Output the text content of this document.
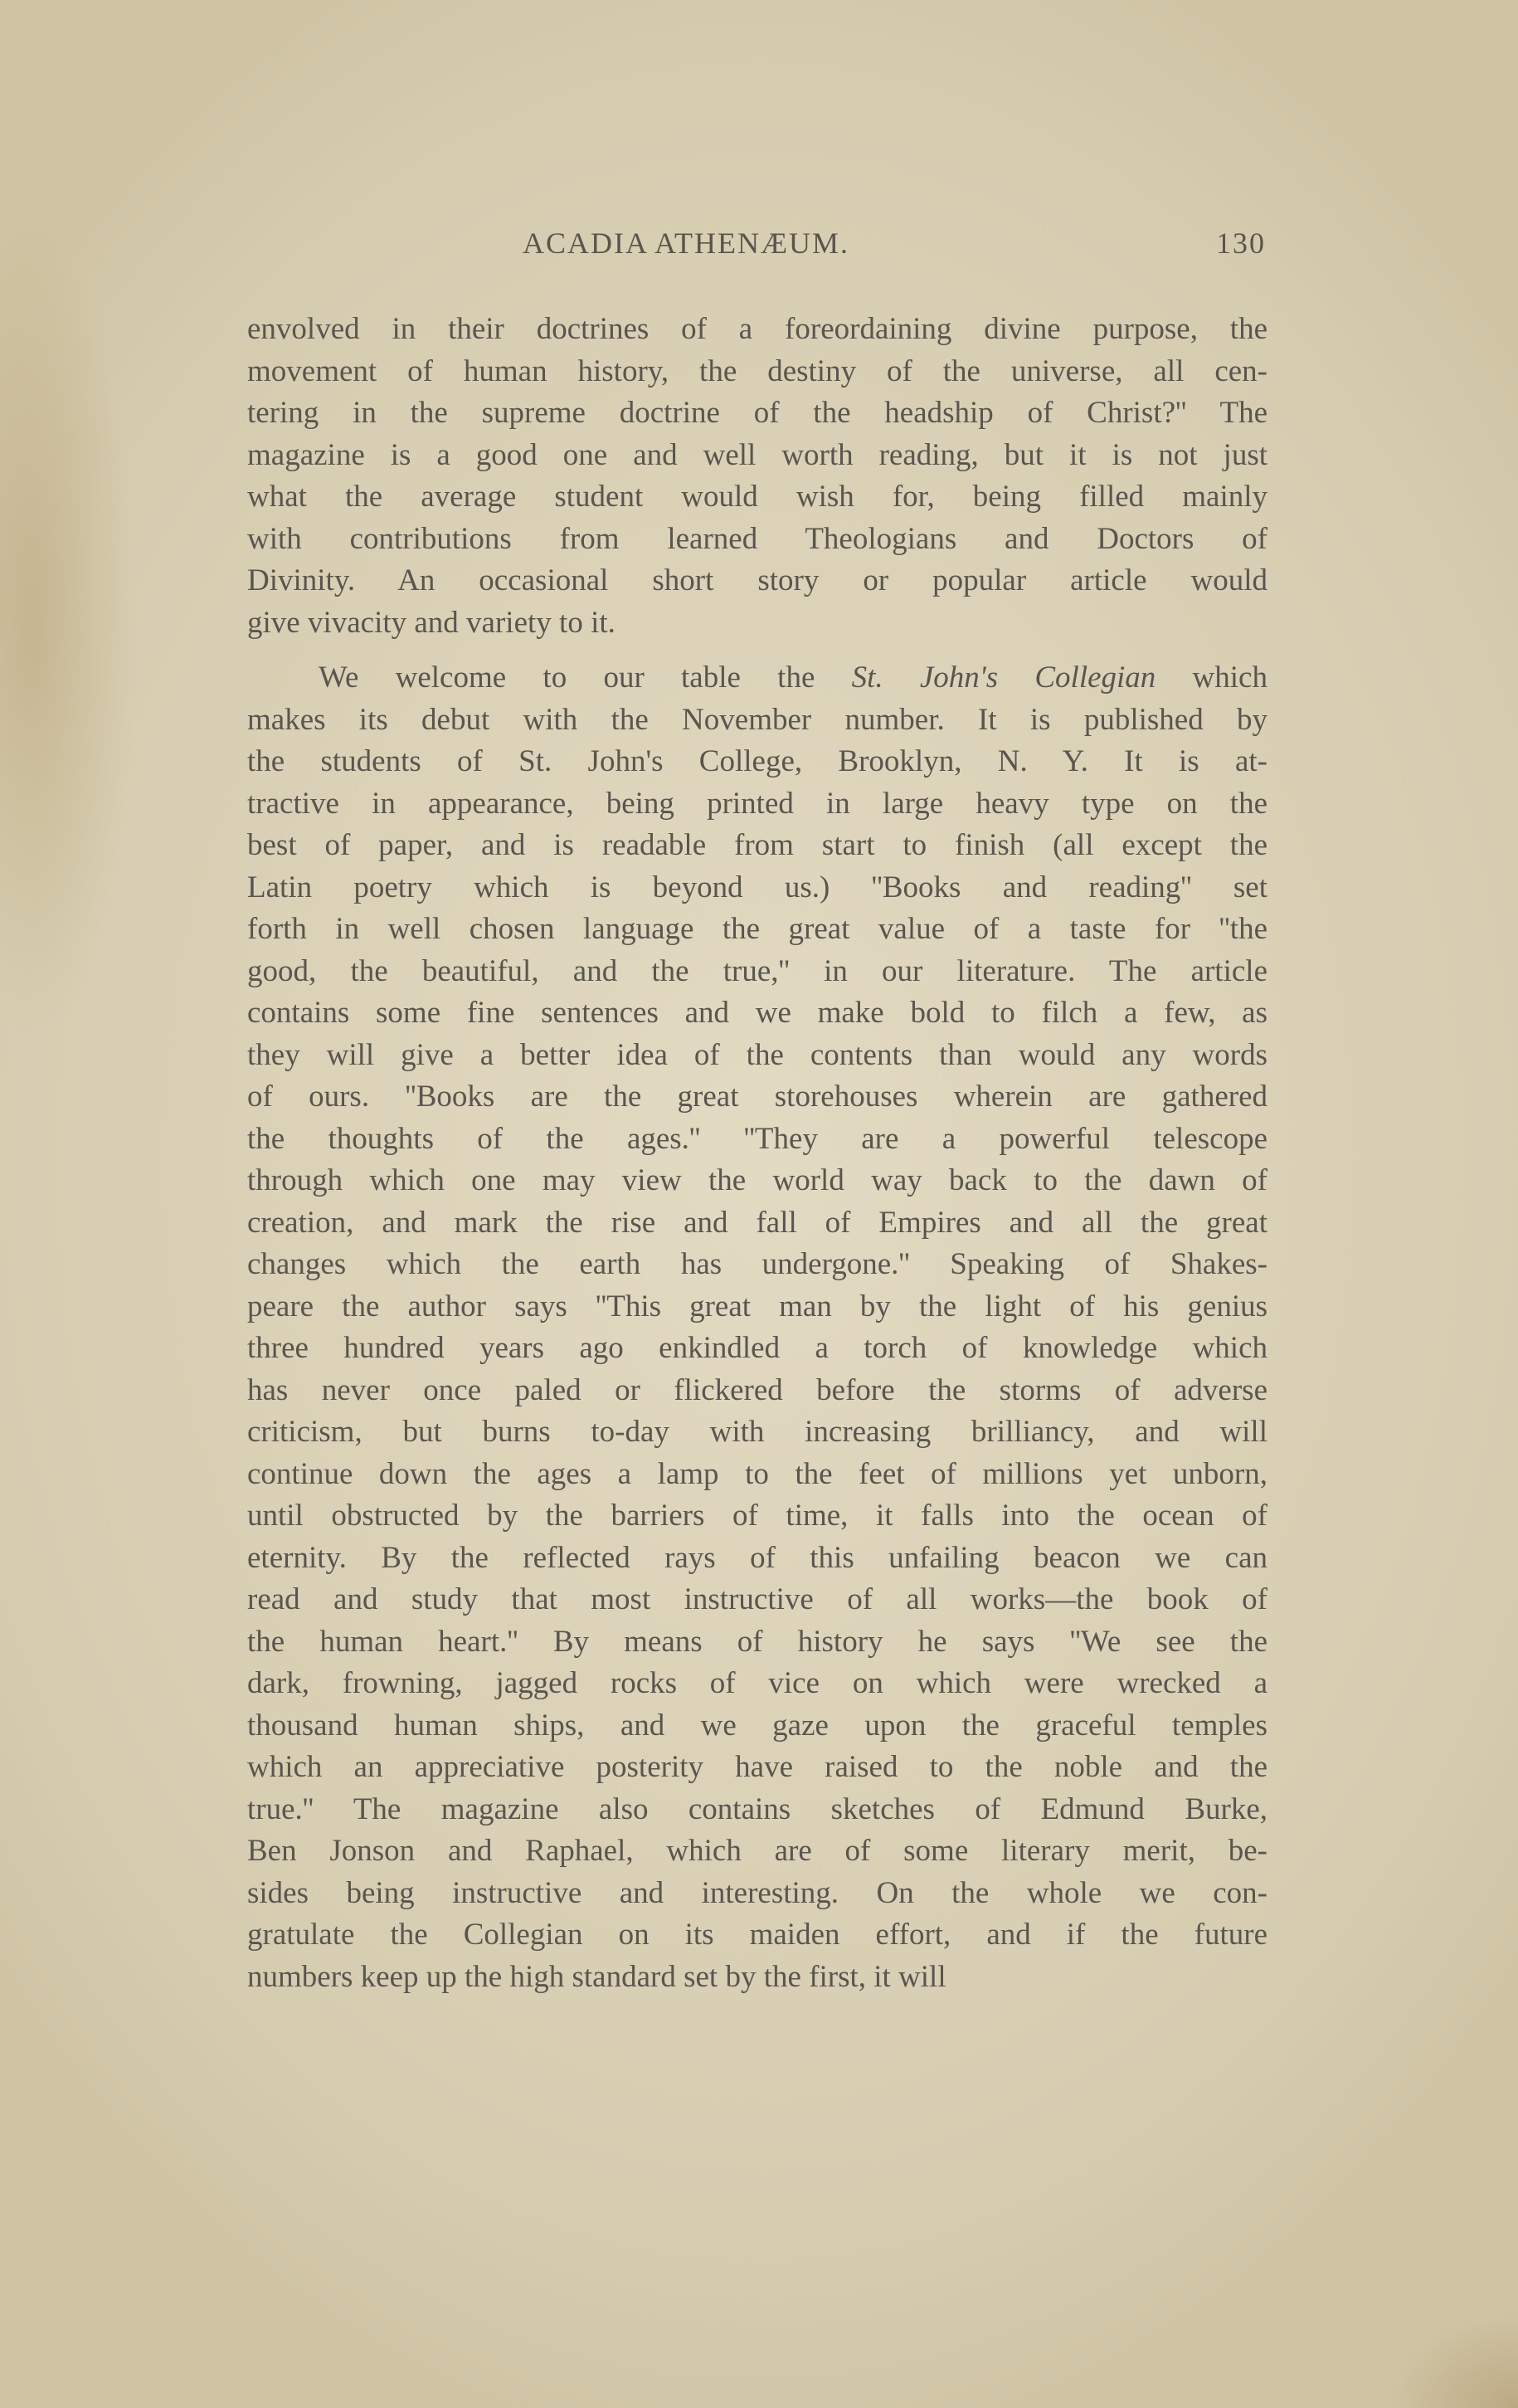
ACADIA ATHENÆUM.	130
envolved in their doctrines of a foreordaining divine purpose, the
movement of human history, the destiny of the universe, all cen-
tering in the supreme doctrine of the headship of Christ?'' The
magazine is a good one and well worth reading, but it is not just
what the average student would wish for, being filled mainly
with contributions from learned Theologians and Doctors of
Divinity. An occasional short story or popular article would
give vivacity and variety to it.
We welcome to our table the St. John's Collegian which
makes its debut with the November number. It is published by
the students of St. John's College, Brooklyn, N. Y. It is at-
tractive in appearance, being printed in large heavy type on the
best of paper, and is readable from start to finish (all except the
Latin poetry which is beyond us.) ''Books and reading'' set
forth in well chosen language the great value of a taste for ''the
good, the beautiful, and the true,'' in our literature. The article
contains some fine sentences and we make bold to filch a few, as
they will give a better idea of the contents than would any words
of ours. ''Books are the great storehouses wherein are gathered
the thoughts of the ages.'' ''They are a powerful telescope
through which one may view the world way back to the dawn of
creation, and mark the rise and fall of Empires and all the great
changes which the earth has undergone.'' Speaking of Shakes-
peare the author says ''This great man by the light of his genius
three hundred years ago enkindled a torch of knowledge which
has never once paled or flickered before the storms of adverse
criticism, but burns to-day with increasing brilliancy, and will
continue down the ages a lamp to the feet of millions yet unborn,
until obstructed by the barriers of time, it falls into the ocean of
eternity. By the reflected rays of this unfailing beacon we can
read and study that most instructive of all works—the book of
the human heart.'' By means of history he says ''We see the
dark, frowning, jagged rocks of vice on which were wrecked a
thousand human ships, and we gaze upon the graceful temples
which an appreciative posterity have raised to the noble and the
true.'' The magazine also contains sketches of Edmund Burke,
Ben Jonson and Raphael, which are of some literary merit, be-
sides being instructive and interesting. On the whole we con-
gratulate the Collegian on its maiden effort, and if the future
numbers keep up the high standard set by the first, it will
